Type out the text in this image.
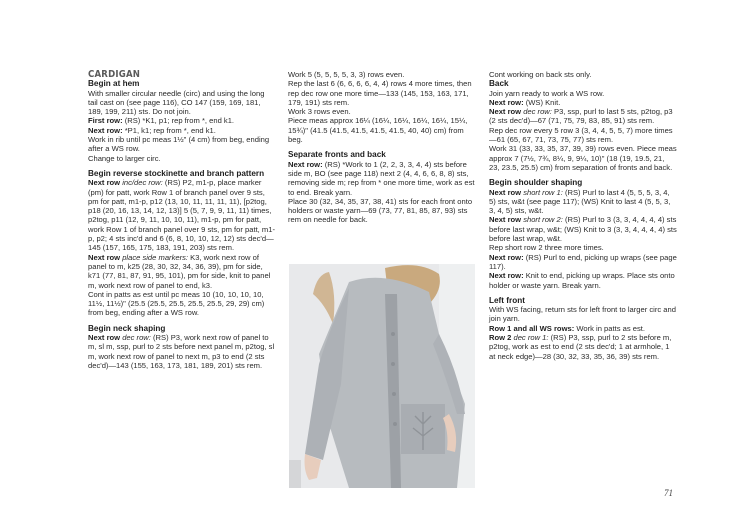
CARDIGAN

Begin at hem

With smaller circular needle (circ) and using the long tail cast on (see page 116), CO 147 (159, 169, 181, 189, 199, 211) sts. Do not join.

First row: (RS) *K1, p1; rep from *, end k1.

Next row: *P1, k1; rep from *, end k1.

Work in rib until pc meas 1½" (4 cm) from beg, ending after a WS row.

Change to larger circ.

Begin reverse stockinette and branch pattern

Next row inc/dec row: (RS) P2, m1-p, place marker (pm) for patt, work Row 1 of branch panel over 9 sts, pm for patt, m1-p, p12 (13, 10, 11, 11, 11, 11), [p2tog, p18 (20, 16, 13, 14, 12, 13)] 5 (5, 7, 9, 9, 11, 11) times, p2tog, p11 (12, 9, 11, 10, 10, 11), m1-p, pm for patt, work Row 1 of branch panel over 9 sts, pm for patt, m1-p, p2; 4 sts inc'd and 6 (6, 8, 10, 10, 12, 12) sts dec'd—145 (157, 165, 175, 183, 191, 203) sts rem.

Next row place side markers: K3, work next row of panel to m, k25 (28, 30, 32, 34, 36, 39), pm for side, k71 (77, 81, 87, 91, 95, 101), pm for side, knit to panel m, work next row of panel to end, k3.

Cont in patts as est until pc meas 10 (10, 10, 10, 10, 11½, 11½)" (25.5 (25.5, 25.5, 25.5, 25.5, 29, 29) cm) from beg, ending after a WS row.

Begin neck shaping

Next row dec row: (RS) P3, work next row of panel to m, sl m, ssp, purl to 2 sts before next panel m, p2tog, sl m, work next row of panel to next m, p3 to end (2 sts dec'd)—143 (155, 163, 173, 181, 189, 201) sts rem.

Work 5 (5, 5, 5, 5, 3, 3) rows even.

Rep the last 6 (6, 6, 6, 6, 4, 4) rows 4 more times, then rep dec row one more time—133 (145, 153, 163, 171, 179, 191) sts rem.

Work 3 rows even.

Piece meas approx 16¼ (16¼, 16¼, 16¼, 16¼, 15¼, 15¾)" (41.5 (41.5, 41.5, 41.5, 41.5, 40, 40) cm) from beg.

Separate fronts and back

Next row: (RS) *Work to 1 (2, 2, 3, 3, 4, 4) sts before side m, BO (see page 118) next 2 (4, 4, 6, 6, 8, 8) sts, removing side m; rep from * one more time, work as est to end. Break yarn.

Place 30 (32, 34, 35, 37, 38, 41) sts for each front onto holders or waste yarn—69 (73, 77, 81, 85, 87, 93) sts rem on needle for back.

Cont working on back sts only.

Back

Join yarn ready to work a WS row.

Next row: (WS) Knit.

Next row dec row: P3, ssp, purl to last 5 sts, p2tog, p3 (2 sts dec'd)—67 (71, 75, 79, 83, 85, 91) sts rem.

Rep dec row every 5 row 3 (3, 4, 4, 5, 5, 7) more times—61 (65, 67, 71, 73, 75, 77) sts rem.

Work 31 (33, 33, 35, 37, 39, 39) rows even. Piece meas approx 7 (7½, 7¾, 8¼, 9, 9¼, 10)" (18 (19, 19.5, 21, 23, 23.5, 25.5) cm) from separation of fronts and back.

Begin shoulder shaping

Next row short row 1: (RS) Purl to last 4 (5, 5, 5, 3, 4, 5) sts, w&t (see page 117); (WS) Knit to last 4 (5, 5, 3, 3, 4, 5) sts, w&t.

Next row short row 2: (RS) Purl to 3 (3, 3, 4, 4, 4, 4) sts before last wrap, w&t; (WS) Knit to 3 (3, 3, 4, 4, 4, 4) sts before last wrap, w&t.

Rep short row 2 three more times.

Next row: (RS) Purl to end, picking up wraps (see page 117).

Next row: Knit to end, picking up wraps. Place sts onto holder or waste yarn. Break yarn.

Left front

With WS facing, return sts for left front to larger circ and join yarn.

Row 1 and all WS rows: Work in patts as est.

Row 2 dec row 1: (RS) P3, ssp, purl to 2 sts before m, p2tog, work as est to end (2 sts dec'd; 1 at armhole, 1 at neck edge)—28 (30, 32, 33, 35, 36, 39) sts rem.

71
